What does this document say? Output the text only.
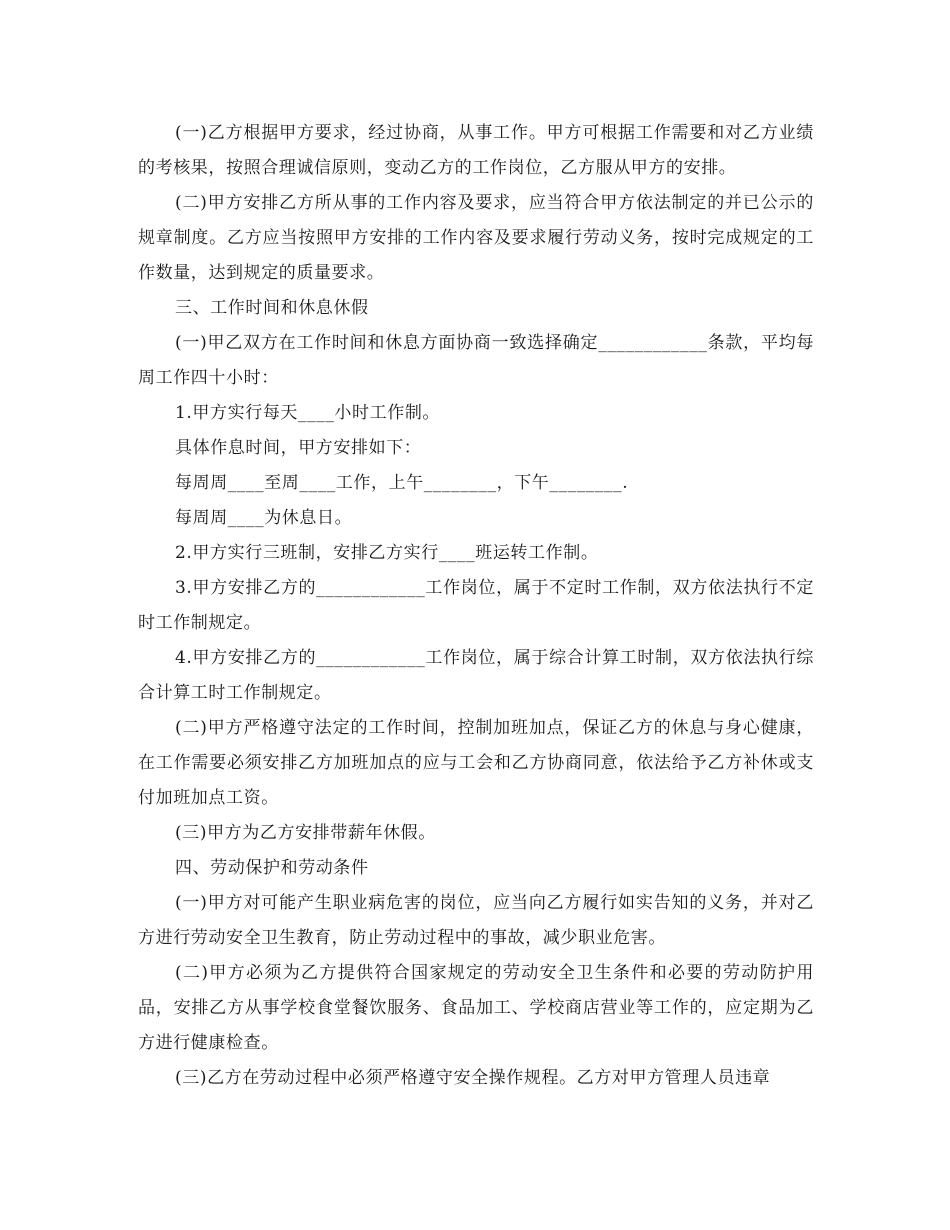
(一)乙方根据甲方要求，经过协商，从事工作。甲方可根据工作需要和对乙方业绩的考核果，按照合理诚信原则，变动乙方的工作岗位，乙方服从甲方的安排。

(二)甲方安排乙方所从事的工作内容及要求，应当符合甲方依法制定的并已公示的规章制度。乙方应当按照甲方安排的工作内容及要求履行劳动义务，按时完成规定的工作数量，达到规定的质量要求。

三、工作时间和休息休假

(一)甲乙双方在工作时间和休息方面协商一致选择确定____________条款，平均每周工作四十小时：

1.甲方实行每天____小时工作制。

具体作息时间，甲方安排如下：

每周周____至周____工作，上午________，下午________.

每周周____为休息日。

2.甲方实行三班制，安排乙方实行____班运转工作制。

3.甲方安排乙方的____________工作岗位，属于不定时工作制，双方依法执行不定时工作制规定。

4.甲方安排乙方的____________工作岗位，属于综合计算工时制，双方依法执行综合计算工时工作制规定。

(二)甲方严格遵守法定的工作时间，控制加班加点，保证乙方的休息与身心健康，在工作需要必须安排乙方加班加点的应与工会和乙方协商同意，依法给予乙方补休或支付加班加点工资。

(三)甲方为乙方安排带薪年休假。

四、劳动保护和劳动条件

(一)甲方对可能产生职业病危害的岗位，应当向乙方履行如实告知的义务，并对乙方进行劳动安全卫生教育，防止劳动过程中的事故，减少职业危害。

(二)甲方必须为乙方提供符合国家规定的劳动安全卫生条件和必要的劳动防护用品，安排乙方从事学校食堂餐饮服务、食品加工、学校商店营业等工作的，应定期为乙方进行健康检查。

(三)乙方在劳动过程中必须严格遵守安全操作规程。乙方对甲方管理人员违章
